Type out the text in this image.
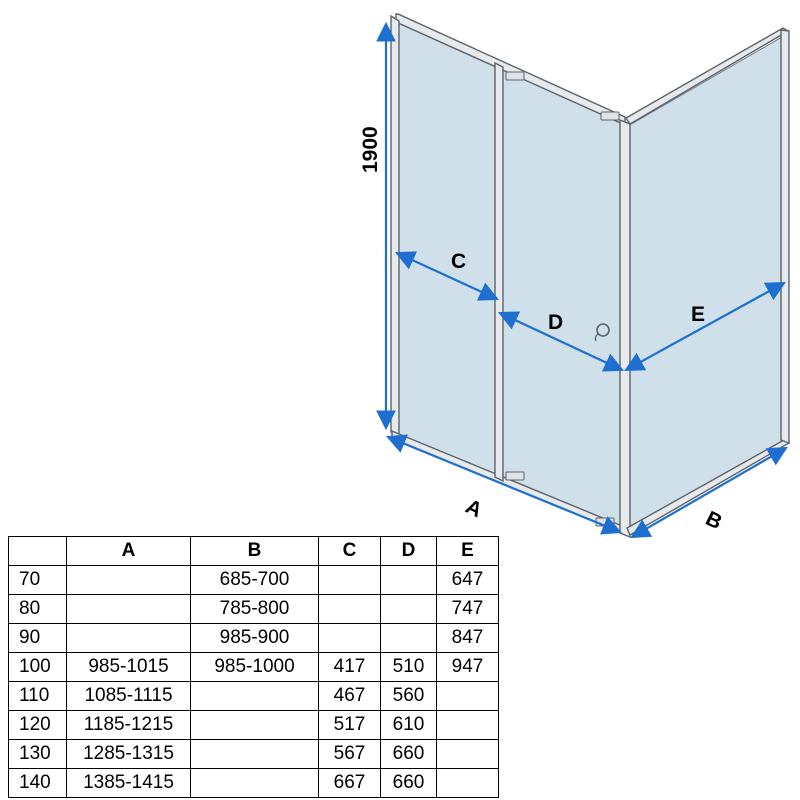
1900
A	B
C
D	E
	A	B	C	D	E
70		685-700			647
80		785-800			747
90		985-900			847
100	985-1015	985-1000	417	510	947
110	1085-1115		467	560	
120	1185-1215		517	610	
130	1285-1315		567	660	
140	1385-1415		667	660	
